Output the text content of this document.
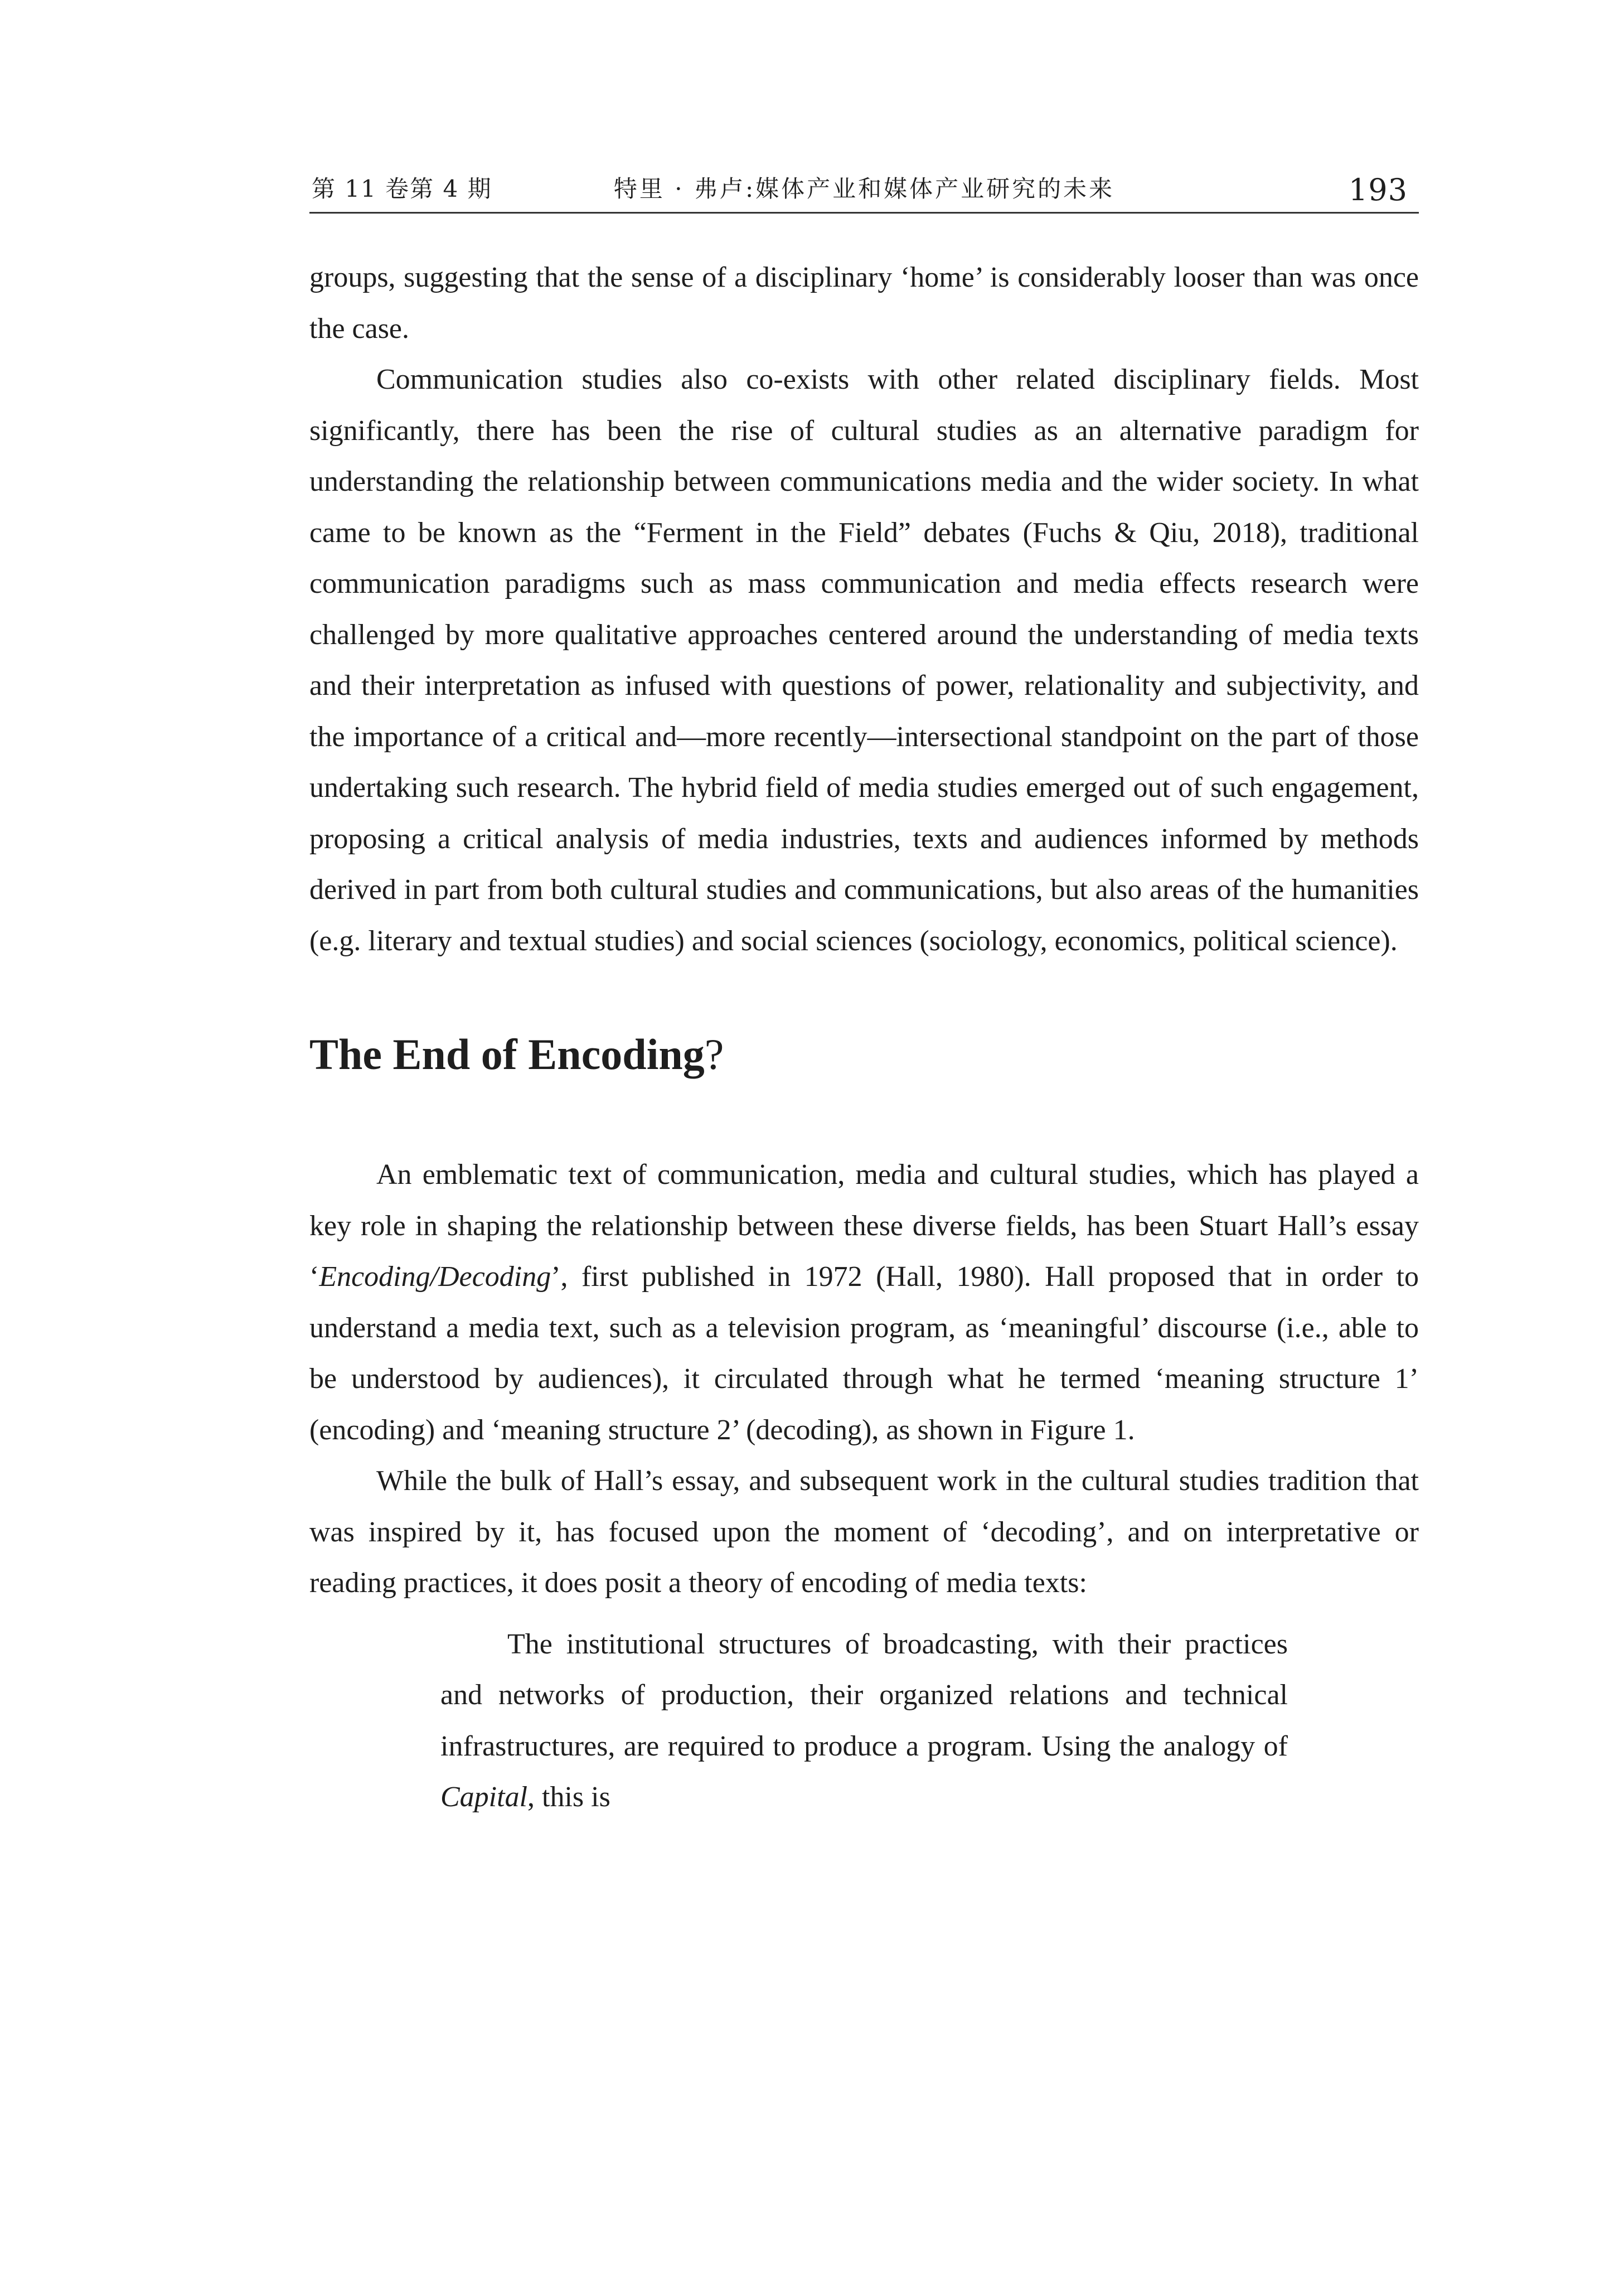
第 11 卷第 4 期	特里 · 弗卢:媒体产业和媒体产业研究的未来	193

groups, suggesting that the sense of a disciplinary ‘home’ is considerably looser than was once the case.

Communication studies also co-exists with other related disciplinary fields. Most significantly, there has been the rise of cultural studies as an alternative paradigm for understanding the relationship between communications media and the wider society. In what came to be known as the “Ferment in the Field” debates (Fuchs & Qiu, 2018), traditional communication paradigms such as mass communication and media effects research were challenged by more qualitative approaches centered around the understanding of media texts and their interpretation as infused with questions of power, relationality and subjectivity, and the importance of a critical and—more recently—intersectional standpoint on the part of those undertaking such research. The hybrid field of media studies emerged out of such engagement, proposing a critical analysis of media industries, texts and audiences informed by methods derived in part from both cultural studies and communications, but also areas of the humanities (e.g. literary and textual studies) and social sciences (sociology, economics, political science).

The End of Encoding?

An emblematic text of communication, media and cultural studies, which has played a key role in shaping the relationship between these diverse fields, has been Stuart Hall’s essay ‘Encoding/Decoding’, first published in 1972 (Hall, 1980). Hall proposed that in order to understand a media text, such as a television program, as ‘meaningful’ discourse (i.e., able to be understood by audiences), it circulated through what he termed ‘meaning structure 1’ (encoding) and ‘meaning structure 2’ (decoding), as shown in Figure 1.

While the bulk of Hall’s essay, and subsequent work in the cultural studies tradition that was inspired by it, has focused upon the moment of ‘decoding’, and on interpretative or reading practices, it does posit a theory of encoding of media texts:

The institutional structures of broadcasting, with their practices and networks of production, their organized relations and technical infrastructures, are required to produce a program. Using the analogy of Capital, this is
